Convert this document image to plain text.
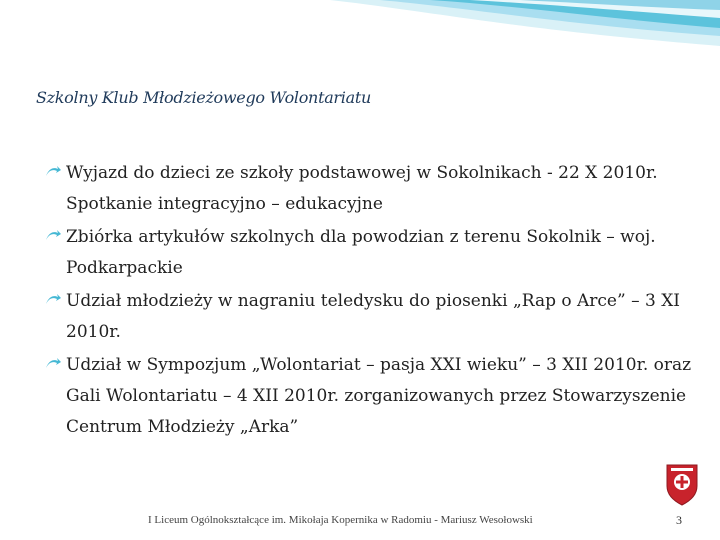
Szkolny Klub Młodzieżowego Wolontariatu
Wyjazd do dzieci ze szkoły podstawowej w Sokolnikach - 22 X 2010r. Spotkanie integracyjno – edukacyjne
Zbiórka artykułów szkolnych dla powodzian z terenu Sokolnik – woj. Podkarpackie
Udział młodzieży w nagraniu teledysku do piosenki „Rap o Arce” – 3 XI 2010r.
Udział w Sympozjum „Wolontariat – pasja XXI wieku” – 3 XII 2010r. oraz Gali Wolontariatu – 4 XII 2010r. zorganizowanych przez Stowarzyszenie Centrum Młodzieży „Arka”
I Liceum Ogólnokształcące im. Mikołaja Kopernika w Radomiu - Mariusz Wesołowski	3
